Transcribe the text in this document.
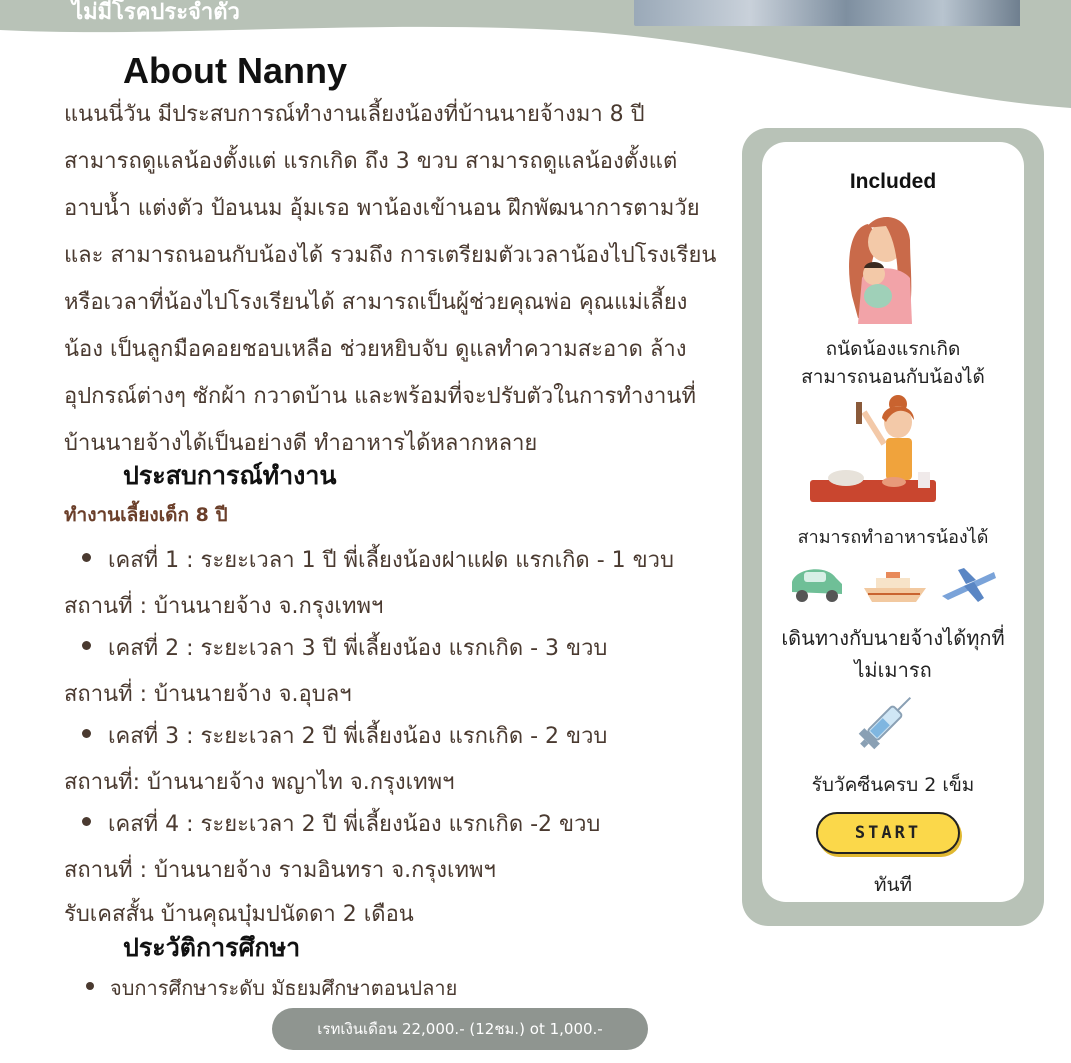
ไม่มีโรคประจำตัว
About Nanny
แนนนี่วัน มีประสบการณ์ทำงานเลี้ยงน้องที่บ้านนายจ้างมา 8 ปี
สามารถดูแลน้องตั้งแต่ แรกเกิด ถึง 3 ขวบ สามารถดูแลน้องตั้งแต่
อาบน้ำ แต่งตัว ป้อนนม อุ้มเรอ พาน้องเข้านอน ฝึกพัฒนาการตามวัย
และ สามารถนอนกับน้องได้ รวมถึง การเตรียมตัวเวลาน้องไปโรงเรียน
หรือเวลาที่น้องไปโรงเรียนได้ สามารถเป็นผู้ช่วยคุณพ่อ คุณแม่เลี้ยง
น้อง เป็นลูกมือคอยชอบเหลือ ช่วยหยิบจับ ดูแลทำความสะอาด ล้าง
อุปกรณ์ต่างๆ ซักผ้า กวาดบ้าน และพร้อมที่จะปรับตัวในการทำงานที่
บ้านนายจ้างได้เป็นอย่างดี ทำอาหารได้หลากหลาย
ประสบการณ์ทำงาน
ทำงานเลี้ยงเด็ก 8 ปี
เคสที่ 1 : ระยะเวลา 1 ปี พี่เลี้ยงน้องฝาแฝด แรกเกิด - 1 ขวบ
สถานที่ : บ้านนายจ้าง จ.กรุงเทพฯ
เคสที่ 2 : ระยะเวลา 3 ปี พี่เลี้ยงน้อง แรกเกิด - 3 ขวบ
สถานที่ : บ้านนายจ้าง จ.อุบลฯ
เคสที่ 3 : ระยะเวลา 2 ปี พี่เลี้ยงน้อง แรกเกิด - 2 ขวบ
สถานที่: บ้านนายจ้าง พญาไท จ.กรุงเทพฯ
เคสที่ 4 : ระยะเวลา 2 ปี พี่เลี้ยงน้อง แรกเกิด -2 ขวบ
สถานที่ : บ้านนายจ้าง รามอินทรา จ.กรุงเทพฯ
รับเคสสั้น บ้านคุณบุ๋มปนัดดา 2 เดือน
ประวัติการศึกษา
จบการศึกษาระดับ มัธยมศึกษาตอนปลาย
เรทเงินเดือน 22,000.- (12ชม.) ot 1,000.-
Included
ถนัดน้องแรกเกิด
สามารถนอนกับน้องได้
สามารถทำอาหารน้องได้
เดินทางกับนายจ้างได้ทุกที่
ไม่เมารถ
รับวัคซีนครบ 2 เข็ม
START
ทันที
